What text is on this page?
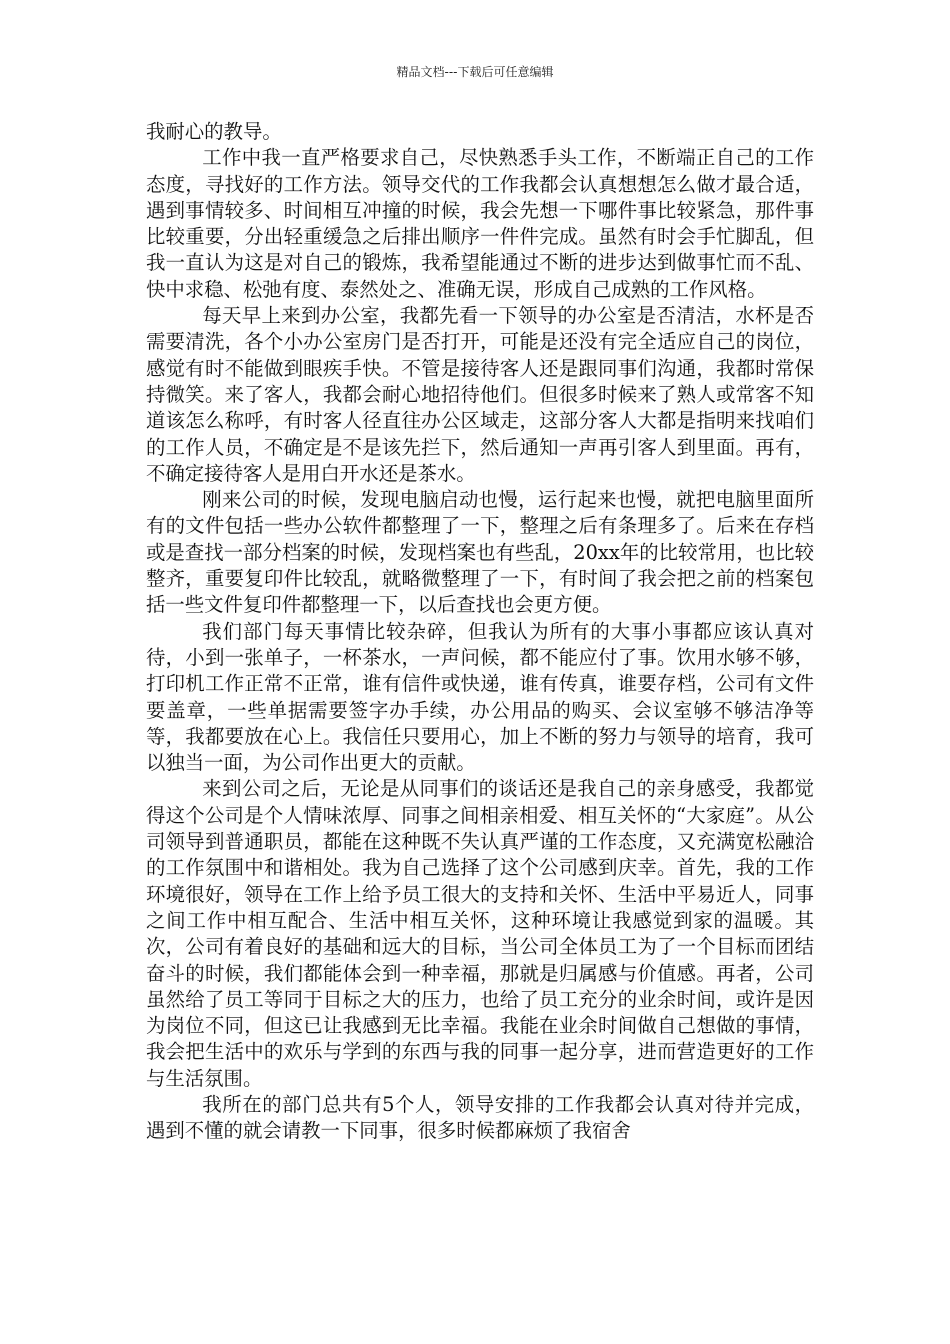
精品文档---下载后可任意编辑

我耐心的教导。

工作中我一直严格要求自己，尽快熟悉手头工作，不断端正自己的工作态度，寻找好的工作方法。领导交代的工作我都会认真想想怎么做才最合适，遇到事情较多、时间相互冲撞的时候，我会先想一下哪件事比较紧急，那件事比较重要，分出轻重缓急之后排出顺序一件件完成。虽然有时会手忙脚乱，但我一直认为这是对自己的锻炼，我希望能通过不断的进步达到做事忙而不乱、快中求稳、松弛有度、泰然处之、准确无误，形成自己成熟的工作风格。

每天早上来到办公室，我都先看一下领导的办公室是否清洁，水杯是否需要清洗，各个小办公室房门是否打开，可能是还没有完全适应自己的岗位，感觉有时不能做到眼疾手快。不管是接待客人还是跟同事们沟通，我都时常保持微笑。来了客人，我都会耐心地招待他们。但很多时候来了熟人或常客不知道该怎么称呼，有时客人径直往办公区域走，这部分客人大都是指明来找咱们的工作人员，不确定是不是该先拦下，然后通知一声再引客人到里面。再有，不确定接待客人是用白开水还是茶水。

刚来公司的时候，发现电脑启动也慢，运行起来也慢，就把电脑里面所有的文件包括一些办公软件都整理了一下，整理之后有条理多了。后来在存档或是查找一部分档案的时候，发现档案也有些乱，20xx年的比较常用，也比较整齐，重要复印件比较乱，就略微整理了一下，有时间了我会把之前的档案包括一些文件复印件都整理一下，以后查找也会更方便。

我们部门每天事情比较杂碎，但我认为所有的大事小事都应该认真对待，小到一张单子，一杯茶水，一声问候，都不能应付了事。饮用水够不够，打印机工作正常不正常，谁有信件或快递，谁有传真，谁要存档，公司有文件要盖章，一些单据需要签字办手续，办公用品的购买、会议室够不够洁净等等，我都要放在心上。我信任只要用心，加上不断的努力与领导的培育，我可以独当一面，为公司作出更大的贡献。

来到公司之后，无论是从同事们的谈话还是我自己的亲身感受，我都觉得这个公司是个人情味浓厚、同事之间相亲相爱、相互关怀的“大家庭”。从公司领导到普通职员，都能在这种既不失认真严谨的工作态度，又充满宽松融洽的工作氛围中和谐相处。我为自己选择了这个公司感到庆幸。首先，我的工作环境很好，领导在工作上给予员工很大的支持和关怀、生活中平易近人，同事之间工作中相互配合、生活中相互关怀，这种环境让我感觉到家的温暖。其次，公司有着良好的基础和远大的目标，当公司全体员工为了一个目标而团结奋斗的时候，我们都能体会到一种幸福，那就是归属感与价值感。再者，公司虽然给了员工等同于目标之大的压力，也给了员工充分的业余时间，或许是因为岗位不同，但这已让我感到无比幸福。我能在业余时间做自己想做的事情，我会把生活中的欢乐与学到的东西与我的同事一起分享，进而营造更好的工作与生活氛围。

我所在的部门总共有5个人，领导安排的工作我都会认真对待并完成，遇到不懂的就会请教一下同事，很多时候都麻烦了我宿舍
